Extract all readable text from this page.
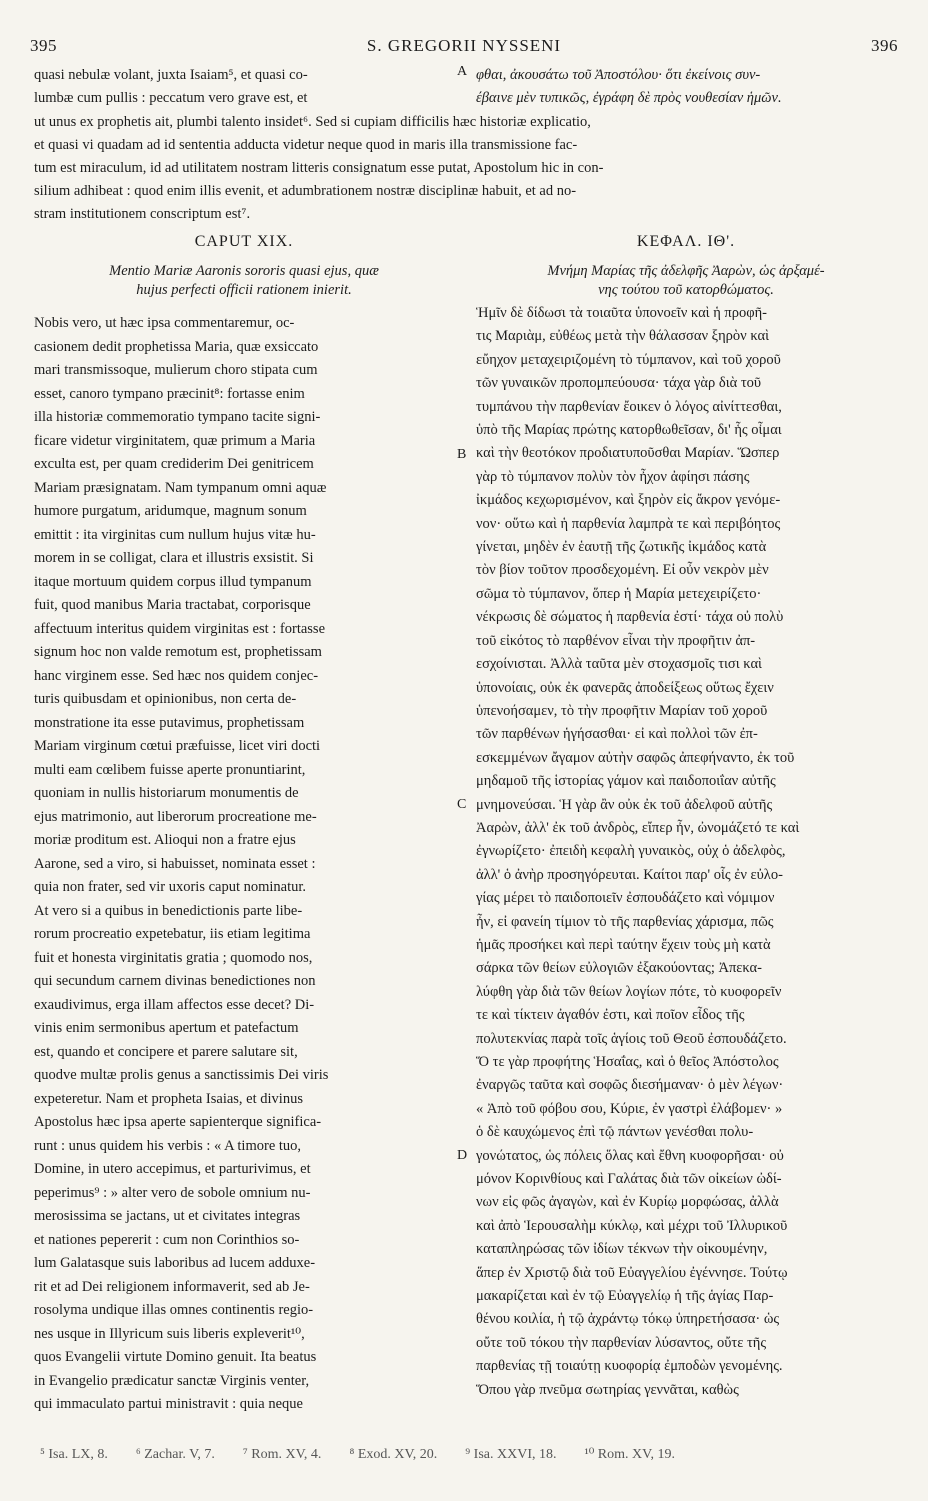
395	S. GREGORII NYSSENI	396

quasi nebulæ volant, juxta Isaiam⁵, et quasi co-

lumbæ cum pullis : peccatum vero grave est, et

A φθαι, ἀκουσάτω τοῦ Ἀποστόλου· ὅτι ἐκείνοις συν-

έβαινε μὲν τυπικῶς, ἐγράφη δὲ πρὸς νουθεσίαν ἡμῶν.

ut unus ex prophetis ait, plumbi talento insidet⁶. Sed si cupiam difficilis hæc historiæ explicatio,

et quasi vi quadam ad id sententia adducta videtur neque quod in maris illa transmissione fac-

tum est miraculum, id ad utilitatem nostram litteris consignatum esse putat, Apostolum hic in con-

silium adhibeat : quod enim illis evenit, et adumbrationem nostræ disciplinæ habuit, et ad no-

stram institutionem conscriptum est⁷.

CAPUT XIX.	ΚΕΦΑΛ. ΙΘ'.

Mentio Mariæ Aaronis sororis quasi ejus, quæ

hujus perfecti officii rationem inierit.

Μνήμη Μαρίας τῆς ἀδελφῆς Ἀαρὼν, ὡς ἀρξαμέ-

νης τούτου τοῦ κατορθώματος.

Nobis vero, ut hæc ipsa commentaremur, oc-

casionem dedit prophetissa Maria, quæ exsiccato

mari transmissoque, mulierum choro stipata cum

esset, canoro tympano præcinit⁸: fortasse enim

illa historiæ commemoratio tympano tacite signi-

ficare videtur virginitatem, quæ primum a Maria

exculta est, per quam crediderim Dei genitricem

Mariam præsignatam. Nam tympanum omni aquæ

humore purgatum, aridumque, magnum sonum

emittit : ita virginitas cum nullum hujus vitæ hu-

morem in se colligat, clara et illustris exsistit. Si

itaque mortuum quidem corpus illud tympanum

fuit, quod manibus Maria tractabat, corporisque

affectuum interitus quidem virginitas est : fortasse

signum hoc non valde remotum est, prophetissam

hanc virginem esse. Sed hæc nos quidem conjec-

turis quibusdam et opinionibus, non certa de-

monstratione ita esse putavimus, prophetissam

Mariam virginum cœtui præfuisse, licet viri docti

multi eam cœlibem fuisse aperte pronuntiarint,

quoniam in nullis historiarum monumentis de

ejus matrimonio, aut liberorum procreatione me-

moriæ proditum est. Alioqui non a fratre ejus

Aarone, sed a viro, si habuisset, nominata esset :

quia non frater, sed vir uxoris caput nominatur.

At vero si a quibus in benedictionis parte libe-

rorum procreatio expetebatur, iis etiam legitima

fuit et honesta virginitatis gratia ; quomodo nos,

qui secundum carnem divinas benedictiones non

exaudivimus, erga illam affectos esse decet? Di-

vinis enim sermonibus apertum et patefactum

est, quando et concipere et parere salutare sit,

quodve multæ prolis genus a sanctissimis Dei viris

expeteretur. Nam et propheta Isaias, et divinus

Apostolus hæc ipsa aperte sapienterque significa-

runt : unus quidem his verbis : « A timore tuo,

Domine, in utero accepimus, et parturivimus, et

peperimus⁹ : » alter vero de sobole omnium nu-

merosissima se jactans, ut et civitates integras

et nationes pepererit : cum non Corinthios so-

lum Galatasque suis laboribus ad lucem adduxe-

rit et ad Dei religionem informaverit, sed ab Je-

rosolyma undique illas omnes continentis regio-

nes usque in Illyricum suis liberis expleverit¹⁰,

quos Evangelii virtute Domino genuit. Ita beatus

in Evangelio prædicatur sanctæ Virginis venter,

qui immaculato partui ministravit : quia neque

B
C
D

Ἡμῖν δὲ δίδωσι τὰ τοιαῦτα ὑπονοεῖν καὶ ἡ προφῆ-

τις Μαριὰμ, εὐθέως μετὰ τὴν θάλασσαν ξηρὸν καὶ

εὔηχον μεταχειριζομένη τὸ τύμπανον, καὶ τοῦ χοροῦ

τῶν γυναικῶν προπομπεύουσα· τάχα γὰρ διὰ τοῦ

τυμπάνου τὴν παρθενίαν ἔοικεν ὁ λόγος αἰνίττεσθαι,

ὑπὸ τῆς Μαρίας πρώτης κατορθωθεῖσαν, δι' ἧς οἶμαι

καὶ τὴν θεοτόκον προδιατυποῦσθαι Μαρίαν. Ὥσπερ

γὰρ τὸ τύμπανον πολὺν τὸν ἦχον ἀφίησι πάσης

ἰκμάδος κεχωρισμένον, καὶ ξηρὸν εἰς ἄκρον γενόμε-

νον· οὕτω καὶ ἡ παρθενία λαμπρὰ τε καὶ περιβόητος

γίνεται, μηδὲν ἐν ἑαυτῇ τῆς ζωτικῆς ἰκμάδος κατὰ

τὸν βίον τοῦτον προσδεχομένη. Εἰ οὖν νεκρὸν μὲν

σῶμα τὸ τύμπανον, ὅπερ ἡ Μαρία μετεχειρίζετο·

νέκρωσις δὲ σώματος ἡ παρθενία ἐστί· τάχα οὐ πολὺ

τοῦ εἰκότος τὸ παρθένον εἶναι τὴν προφῆτιν ἀπ-

εσχοίνισται. Ἀλλὰ ταῦτα μὲν στοχασμοῖς τισι καὶ

ὑπονοίαις, οὐκ ἐκ φανερᾶς ἀποδείξεως οὕτως ἔχειν

ὑπενοήσαμεν, τὸ τὴν προφῆτιν Μαρίαν τοῦ χοροῦ

τῶν παρθένων ἡγήσασθαι· εἰ καὶ πολλοὶ τῶν ἐπ-

εσκεμμένων ἄγαμον αὐτὴν σαφῶς ἀπεφήναντο, ἐκ τοῦ

μηδαμοῦ τῆς ἱστορίας γάμον καὶ παιδοποιΐαν αὐτῆς

μνημονεύσαι. Ἡ γὰρ ἂν οὐκ ἐκ τοῦ ἀδελφοῦ αὐτῆς

Ἀαρὼν, ἀλλ' ἐκ τοῦ ἀνδρὸς, εἴπερ ἦν, ὠνομάζετό τε καὶ

ἐγνωρίζετο· ἐπειδὴ κεφαλὴ γυναικὸς, οὐχ ὁ ἀδελφὸς,

ἀλλ' ὁ ἀνὴρ προσηγόρευται. Καίτοι παρ' οἷς ἐν εὐλο-

γίας μέρει τὸ παιδοποιεῖν ἐσπουδάζετο καὶ νόμιμον

ἦν, εἰ φανείη τίμιον τὸ τῆς παρθενίας χάρισμα, πῶς

ἡμᾶς προσήκει καὶ περὶ ταύτην ἔχειν τοὺς μὴ κατὰ

σάρκα τῶν θείων εὐλογιῶν ἐξακούοντας; Ἀπεκα-

λύφθη γὰρ διὰ τῶν θείων λογίων πότε, τὸ κυοφορεῖν

τε καὶ τίκτειν ἀγαθόν ἐστι, καὶ ποῖον εἶδος τῆς

πολυτεκνίας παρὰ τοῖς ἁγίοις τοῦ Θεοῦ ἐσπουδάζετο.

Ὅ τε γὰρ προφήτης Ἡσαΐας, καὶ ὁ θεῖος Ἀπόστολος

ἐναργῶς ταῦτα καὶ σοφῶς διεσήμαναν· ὁ μὲν λέγων·

« Ἀπὸ τοῦ φόβου σου, Κύριε, ἐν γαστρὶ ἐλάβομεν· »

ὁ δὲ καυχώμενος ἐπὶ τῷ πάντων γενέσθαι πολυ-

γονώτατος, ὡς πόλεις ὅλας καὶ ἔθνη κυοφορῆσαι· οὐ

μόνον Κορινθίους καὶ Γαλάτας διὰ τῶν οἰκείων ὠδί-

νων εἰς φῶς ἀγαγὼν, καὶ ἐν Κυρίῳ μορφώσας, ἀλλὰ

καὶ ἀπὸ Ἱερουσαλὴμ κύκλῳ, καὶ μέχρι τοῦ Ἰλλυρικοῦ

καταπληρώσας τῶν ἰδίων τέκνων τὴν οἰκουμένην,

ἅπερ ἐν Χριστῷ διὰ τοῦ Εὐαγγελίου ἐγέννησε. Τούτῳ

μακαρίζεται καὶ ἐν τῷ Εὐαγγελίῳ ἡ τῆς ἁγίας Παρ-

θένου κοιλία, ἡ τῷ ἀχράντῳ τόκῳ ὑπηρετήσασα· ὡς

οὔτε τοῦ τόκου τὴν παρθενίαν λύσαντος, οὔτε τῆς

παρθενίας τῇ τοιαύτῃ κυοφορίᾳ ἐμποδὼν γενομένης.

Ὅπου γὰρ πνεῦμα σωτηρίας γεννᾶται, καθὼς

⁵ Isa. LX, 8. ⁶ Zachar. V, 7. ⁷ Rom. XV, 4. ⁸ Exod. XV, 20. ⁹ Isa. XXVI, 18. ¹⁰ Rom. XV, 19.
